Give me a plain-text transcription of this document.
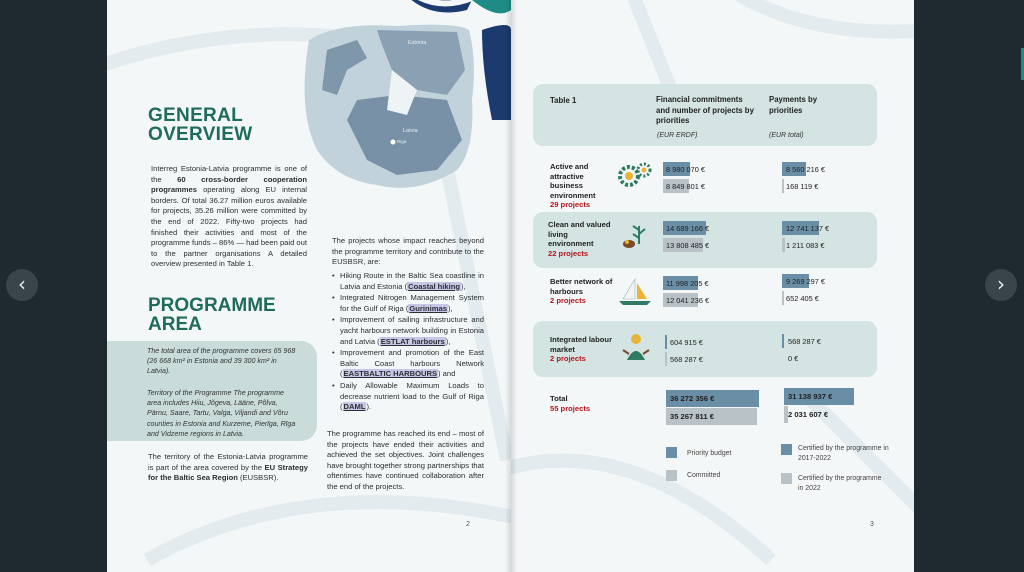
Estonia
Latvia
Riga
GENERAL OVERVIEW
Interreg Estonia-Latvia programme is one of the 60 cross-border cooperation programmes operating along EU internal borders. Of total 36.27 million euros available for projects, 35.26 million were committed by the end of 2022. Fifty-two projects had finished their activities and most of the programme funds – 86% — had been paid out to the partner organisations A detailed overview presented in Table 1.
PROGRAMME AREA
The total area of the programme covers 65 968 (26 668 km² in Estonia and 39 300 km² in Latvia).
Territory of the Programme The programme area includes Hiiu, Jõgeva, Lääne, Põlva, Pärnu, Saare, Tartu, Valga, Viljandi and Võru counties in Estonia and Kurzeme, Pierīga, Rīga and Vidzeme regions in Latvia.
The territory of the Estonia-Latvia programme is part of the area covered by the EU Strategy for the Baltic Sea Region (EUSBSR).
The projects whose impact reaches beyond the programme territory and contribute to the EUSBSR, are:
• Hiking Route in the Baltic Sea coastline in Latvia and Estonia (Coastal hiking),
• Integrated Nitrogen Management System for the Gulf of Riga (Gurinimas),
• Improvement of sailing infrastructure and yacht harbours network building in Estonia and Latvia (ESTLAT harbours),
• Improvement and promotion of the East Baltic Coast harbours Network (EASTBALTIC HARBOURS) and
• Daily Allowable Maximum Loads to decrease nutrient load to the Gulf of Riga (DAML).
The programme has reached its end – most of the projects have ended their activities and achieved the set objectives. Joint challenges have brought together strong partnerships that oftentimes have continued collaboration after the end of the projects.
2
Table 1	Financial commitments and number of projects by priorities
(EUR ERDF)
Payments by priorities
(EUR total)
Active and attractive business environment
29 projects
8 980 070 €
8 849 801 €
8 560 216 €
168 119 €
Clean and valued living environment
22 projects
14 689 166 €
13 808 485 €
12 741 137 €
1 211 083 €
Better network of harbours
2 projects
11 998 205 €
12 041 236 €
9 269 297 €
652 405 €
Integrated labour market
2 projects
604 915 €
568 287 €
568 287 €
0 €
Total
55 projects
36 272 356 €
35 267 811 €
31 138 937 €
2 031 607 €
Priority budget
Committed
Certified by the programme in 2017-2022
Certified by the programme in 2022
3
‹	›
